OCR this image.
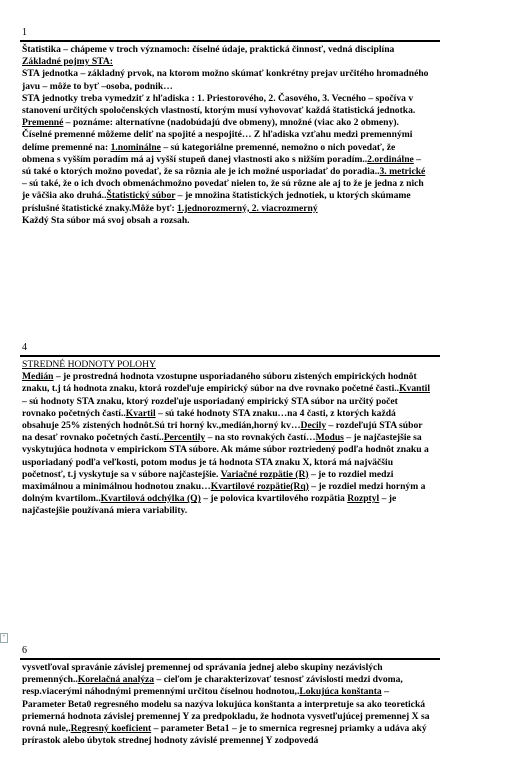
1

Štatistika – chápeme v troch významoch: číselné údaje, praktická činnosť, vedná disciplína
Základné pojmy STA:
STA jednotka – základný prvok, na ktorom možno skúmať konkrétny prejav určitého hromadného javu – môže to byť –osoba, podnik…
STA jednotky treba vymedziť z hľadiska : 1. Priestorového, 2. Časového, 3. Vecného – spočíva v stanovení určitých spoločenských vlastností, ktorým musí vyhovovať každá štatistická jednotka.
Premenné – poznáme: alternatívne (nadobúdajú dve obmeny), množné (viac ako 2 obmeny). Číselné premenné môžeme deliť na spojité a nespojité… Z hľadiska vzťahu medzi premennými delíme premenné na: 1.nominálne – sú kategoriálne premenné, nemožno o nich povedať, že obmena s vyšším poradím má aj vyšší stupeň danej vlastnosti ako s nižším poradím..2.ordinálne – sú také o ktorých možno povedať, že sa rôznia ale je ich možné usporiadať do poradia..3. metrické – sú také, že o ich dvoch obmenáchmožno povedať nielen to, že sú rôzne ale aj to že je jedna z nich je väčšia ako druhá..Štatistický súbor – je množina štatistických jednotiek, u ktorých skúmame príslušné štatistické znaky.Môže byť: 1.jednorozmerný, 2. viacrozmerný
Každý Sta súbor má svoj obsah a rozsah.

4

STREDNÉ HODNOTY POLOHY
Medián – je prostredná hodnota vzostupne usporiadaného súboru zistených empirických hodnôt znaku, t.j tá hodnota znaku, ktorá rozdeľuje empirický súbor na dve rovnako početné časti..Kvantil – sú hodnoty STA znaku, ktorý rozdeľuje usporiadaný empirický STA súbor na určitý počet rovnako početných častí..Kvartil – sú také hodnoty STA znaku…na 4 časti, z ktorých každá obsahuje 25% zistených hodnôt.Sú tri horný kv.,medián,horný kv…Decily – rozdeľujú STA súbor na desať rovnako početných častí..Percentily – na sto rovnakých častí…Modus – je najčastejšie sa vyskytujúca hodnota v empirickom STA súbore. Ak máme súbor roztriedený podľa hodnôt znaku a usporiadaný podľa veľkosti, potom modus je tá hodnota STA znaku X, ktorá má najväčšiu početnosť, t.j vyskytuje sa v súbore najčastejšie. Variačné rozpätie (R) – je to rozdiel medzi maximálnou a minimálnou hodnotou znaku…Kvartilové rozpätie(Rq) – je rozdiel medzi horným a dolným kvartilom..Kvartilová odchýlka (Q) – je polovica kvartilového rozpätia Rozptyl – je najčastejšie používaná miera variability.

+
6

vysvetľoval spravánie závislej premennej od správania jednej alebo skupiny nezávislých premenných..Korelačná analýza – cieľom je charakterizovať tesnosť závislosti medzi dvoma, resp.viacerými náhodnými premennými určitou číselnou hodnotou,.Lokujúca konštanta – Parameter Beta0 regresného modelu sa nazýva lokujúca konštanta a interpretuje sa ako teoretická priemerná hodnota závislej premennej Y za predpokladu, že hodnota vysvetľujúcej premennej X sa rovná nule,.Regresný koeficient – parameter Beta1 – je to smernica regresnej priamky a udáva aký prírastok alebo úbytok strednej hodnoty závislé premennej Y zodpovedá
